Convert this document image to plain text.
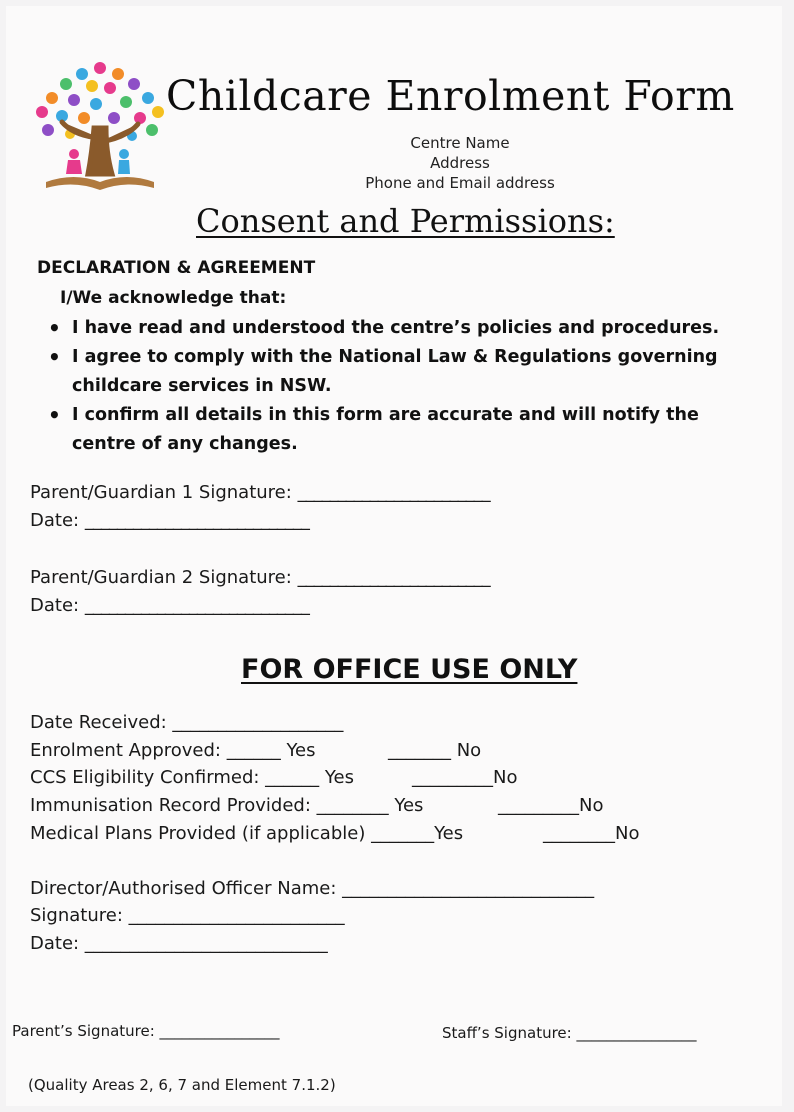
Childcare Enrolment Form
Centre Name
Address
Phone and Email address
Consent and Permissions:
DECLARATION & AGREEMENT
I/We acknowledge that:
• I have read and understood the centre’s policies and procedures.
• I agree to comply with the National Law & Regulations governing childcare services in NSW.
• I confirm all details in this form are accurate and will notify the centre of any changes.
Parent/Guardian 1 Signature: ________________________
Date: ____________________________
Parent/Guardian 2 Signature: ________________________
Date: ____________________________
FOR OFFICE USE ONLY
Date Received: ___________________
Enrolment Approved: ______ Yes	_______ No
CCS Eligibility Confirmed: ______ Yes	_________No
Immunisation Record Provided: ________ Yes	_________No
Medical Plans Provided (if applicable) _______Yes	________No
Director/Authorised Officer Name: ____________________________
Signature: ________________________
Date: ___________________________
Parent’s Signature: ________________	Staff’s Signature: ________________
(Quality Areas 2, 6, 7 and Element 7.1.2)
